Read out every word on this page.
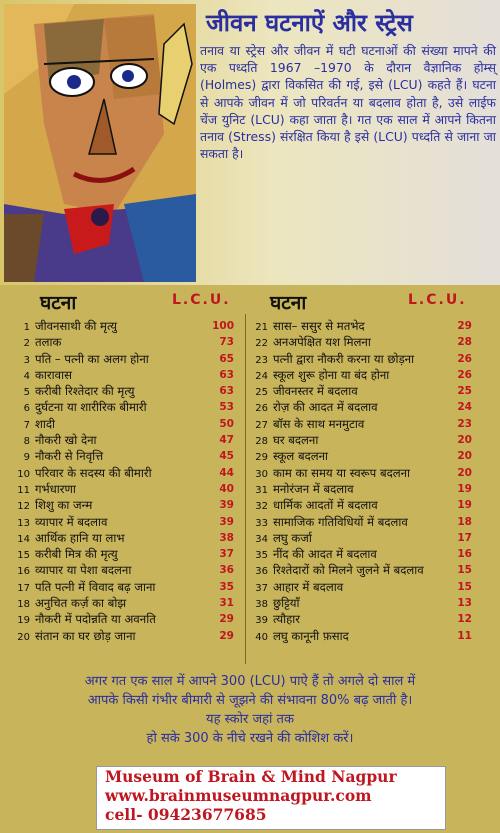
जीवन घटनाऐं और स्ट्रेस
तनाव या स्ट्रेस और जीवन में घटी घटनाओं की संख्या मापने की एक पध्दति 1967 –1970 के दौरान वैज्ञानिक होम्स् (Holmes) द्वारा विकसित की गई, इसे (LCU) कहते हैं। घटना से आपके जीवन में जो परिवर्तन या बदलाव होता है, उसे लाईफ चेंज युनिट (LCU) कहा जाता है। गत एक साल में आपने कितना तनाव (Stress) संरक्षित किया है इसे (LCU) पध्दति से जाना जा सकता है।
घटना	L.C.U. घटना	L.C.U.
1 जीवनसाथी की मृत्यु	100
2 तलाक	73
3 पति – पत्नी का अलग होना	65
4 कारावास	63
5 करीबी रिश्तेदार की मृत्यु	63
6 दुर्घटना या शारीरिक बीमारी	53
7 शादी	50
8 नौकरी खो देना	47
9 नौकरी से निवृत्ति	45
10 परिवार के सदस्य की बीमारी	44
11 गर्भधारणा	40
12 शिशु का जन्म	39
13 व्यापार में बदलाव	39
14 आर्थिक हानि या लाभ	38
15 करीबी मित्र की मृत्यु	37
16 व्यापार या पेशा बदलना	36
17 पति पत्नी में विवाद बढ़ जाना	35
18 अनुचित कर्ज़ का बोझ	31
19 नौकरी में पदोन्नति या अवनति	29
20 संतान का घर छोड़ जाना	29
21 सास– ससुर से मतभेद	29
22 अनअपेक्षित यश मिलना	28
23 पत्नी द्वारा नौकरी करना या छोड़ना	26
24 स्कूल शुरू होना या बंद होना	26
25 जीवनस्तर में बदलाव	25
26 रोज़ की आदत में बदलाव	24
27 बॉस के साथ मनमुटाव	23
28 घर बदलना	20
29 स्कूल बदलना	20
30 काम का समय या स्वरूप बदलना	20
31 मनोरंजन में बदलाव	19
32 धार्मिक आदतों में बदलाव	19
33 सामाजिक गतिविधियों में बदलाव	18
34 लघु कर्जा	17
35 नींद की आदत में बदलाव	16
36 रिश्तेदारों को मिलने जुलने में बदलाव	15
37 आहार में बदलाव	15
38 छुट्टियाँ	13
39 त्यौहार	12
40 लघु कानूनी फ़साद	11
अगर गत एक साल में आपने 300 (LCU) पाऐ हैं तो अगले दो साल में
आपके किसी गंभीर बीमारी से जूझने की संभावना 80% बढ़ जाती है।
यह स्कोर जहां तक
हो सके 300 के नीचे रखने की कोशिश करें।
Museum of Brain & Mind Nagpur
www.brainmuseumnagpur.com
cell- 09423677685
